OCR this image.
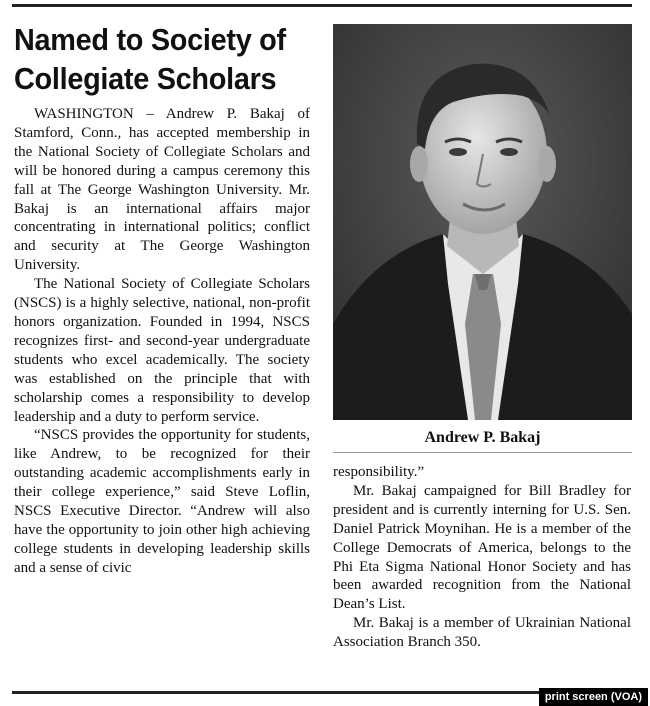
Named to Society of Collegiate Scholars

WASHINGTON – Andrew P. Bakaj of Stamford, Conn., has accepted membership in the National Society of Collegiate Scholars and will be honored during a campus ceremony this fall at The George Washington University. Mr. Bakaj is an international affairs major concentrating in international politics; conflict and security at The George Washington University.

The National Society of Collegiate Scholars (NSCS) is a highly selective, national, non-profit honors organization. Founded in 1994, NSCS recognizes first- and second-year undergraduate students who excel academically. The society was established on the principle that with scholarship comes a responsibility to develop leadership and a duty to perform service.

“NSCS provides the opportunity for students, like Andrew, to be recognized for their outstanding academic accomplishments early in their college experience,” said Steve Loflin, NSCS Executive Director. “Andrew will also have the opportunity to join other high achieving college students in developing leadership skills and a sense of civic

Andrew P. Bakaj

responsibility.”

Mr. Bakaj campaigned for Bill Bradley for president and is currently interning for U.S. Sen. Daniel Patrick Moynihan. He is a member of the College Democrats of America, belongs to the Phi Eta Sigma National Honor Society and has been awarded recognition from the National Dean’s List.

Mr. Bakaj is a member of Ukrainian National Association Branch 350.

print screen (VOA)
